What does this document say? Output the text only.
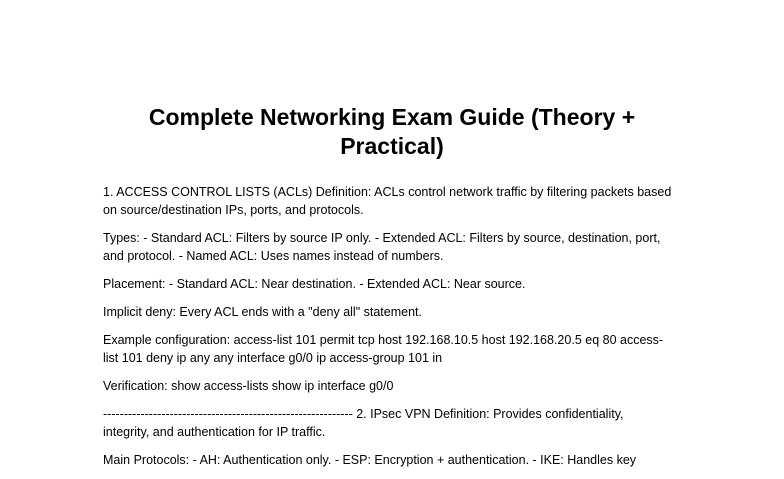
Complete Networking Exam Guide (Theory +
Practical)

1. ACCESS CONTROL LISTS (ACLs) Definition: ACLs control network traffic by filtering packets based on source/destination IPs, ports, and protocols.

Types: - Standard ACL: Filters by source IP only. - Extended ACL: Filters by source, destination, port, and protocol. - Named ACL: Uses names instead of numbers.

Placement: - Standard ACL: Near destination. - Extended ACL: Near source.

Implicit deny: Every ACL ends with a "deny all" statement.

Example configuration: access-list 101 permit tcp host 192.168.10.5 host 192.168.20.5 eq 80 access-list 101 deny ip any any interface g0/0 ip access-group 101 in

Verification: show access-lists show ip interface g0/0

------------------------------------------------------------ 2. IPsec VPN Definition: Provides confidentiality, integrity, and authentication for IP traffic.

Main Protocols: - AH: Authentication only. - ESP: Encryption + authentication. - IKE: Handles key
